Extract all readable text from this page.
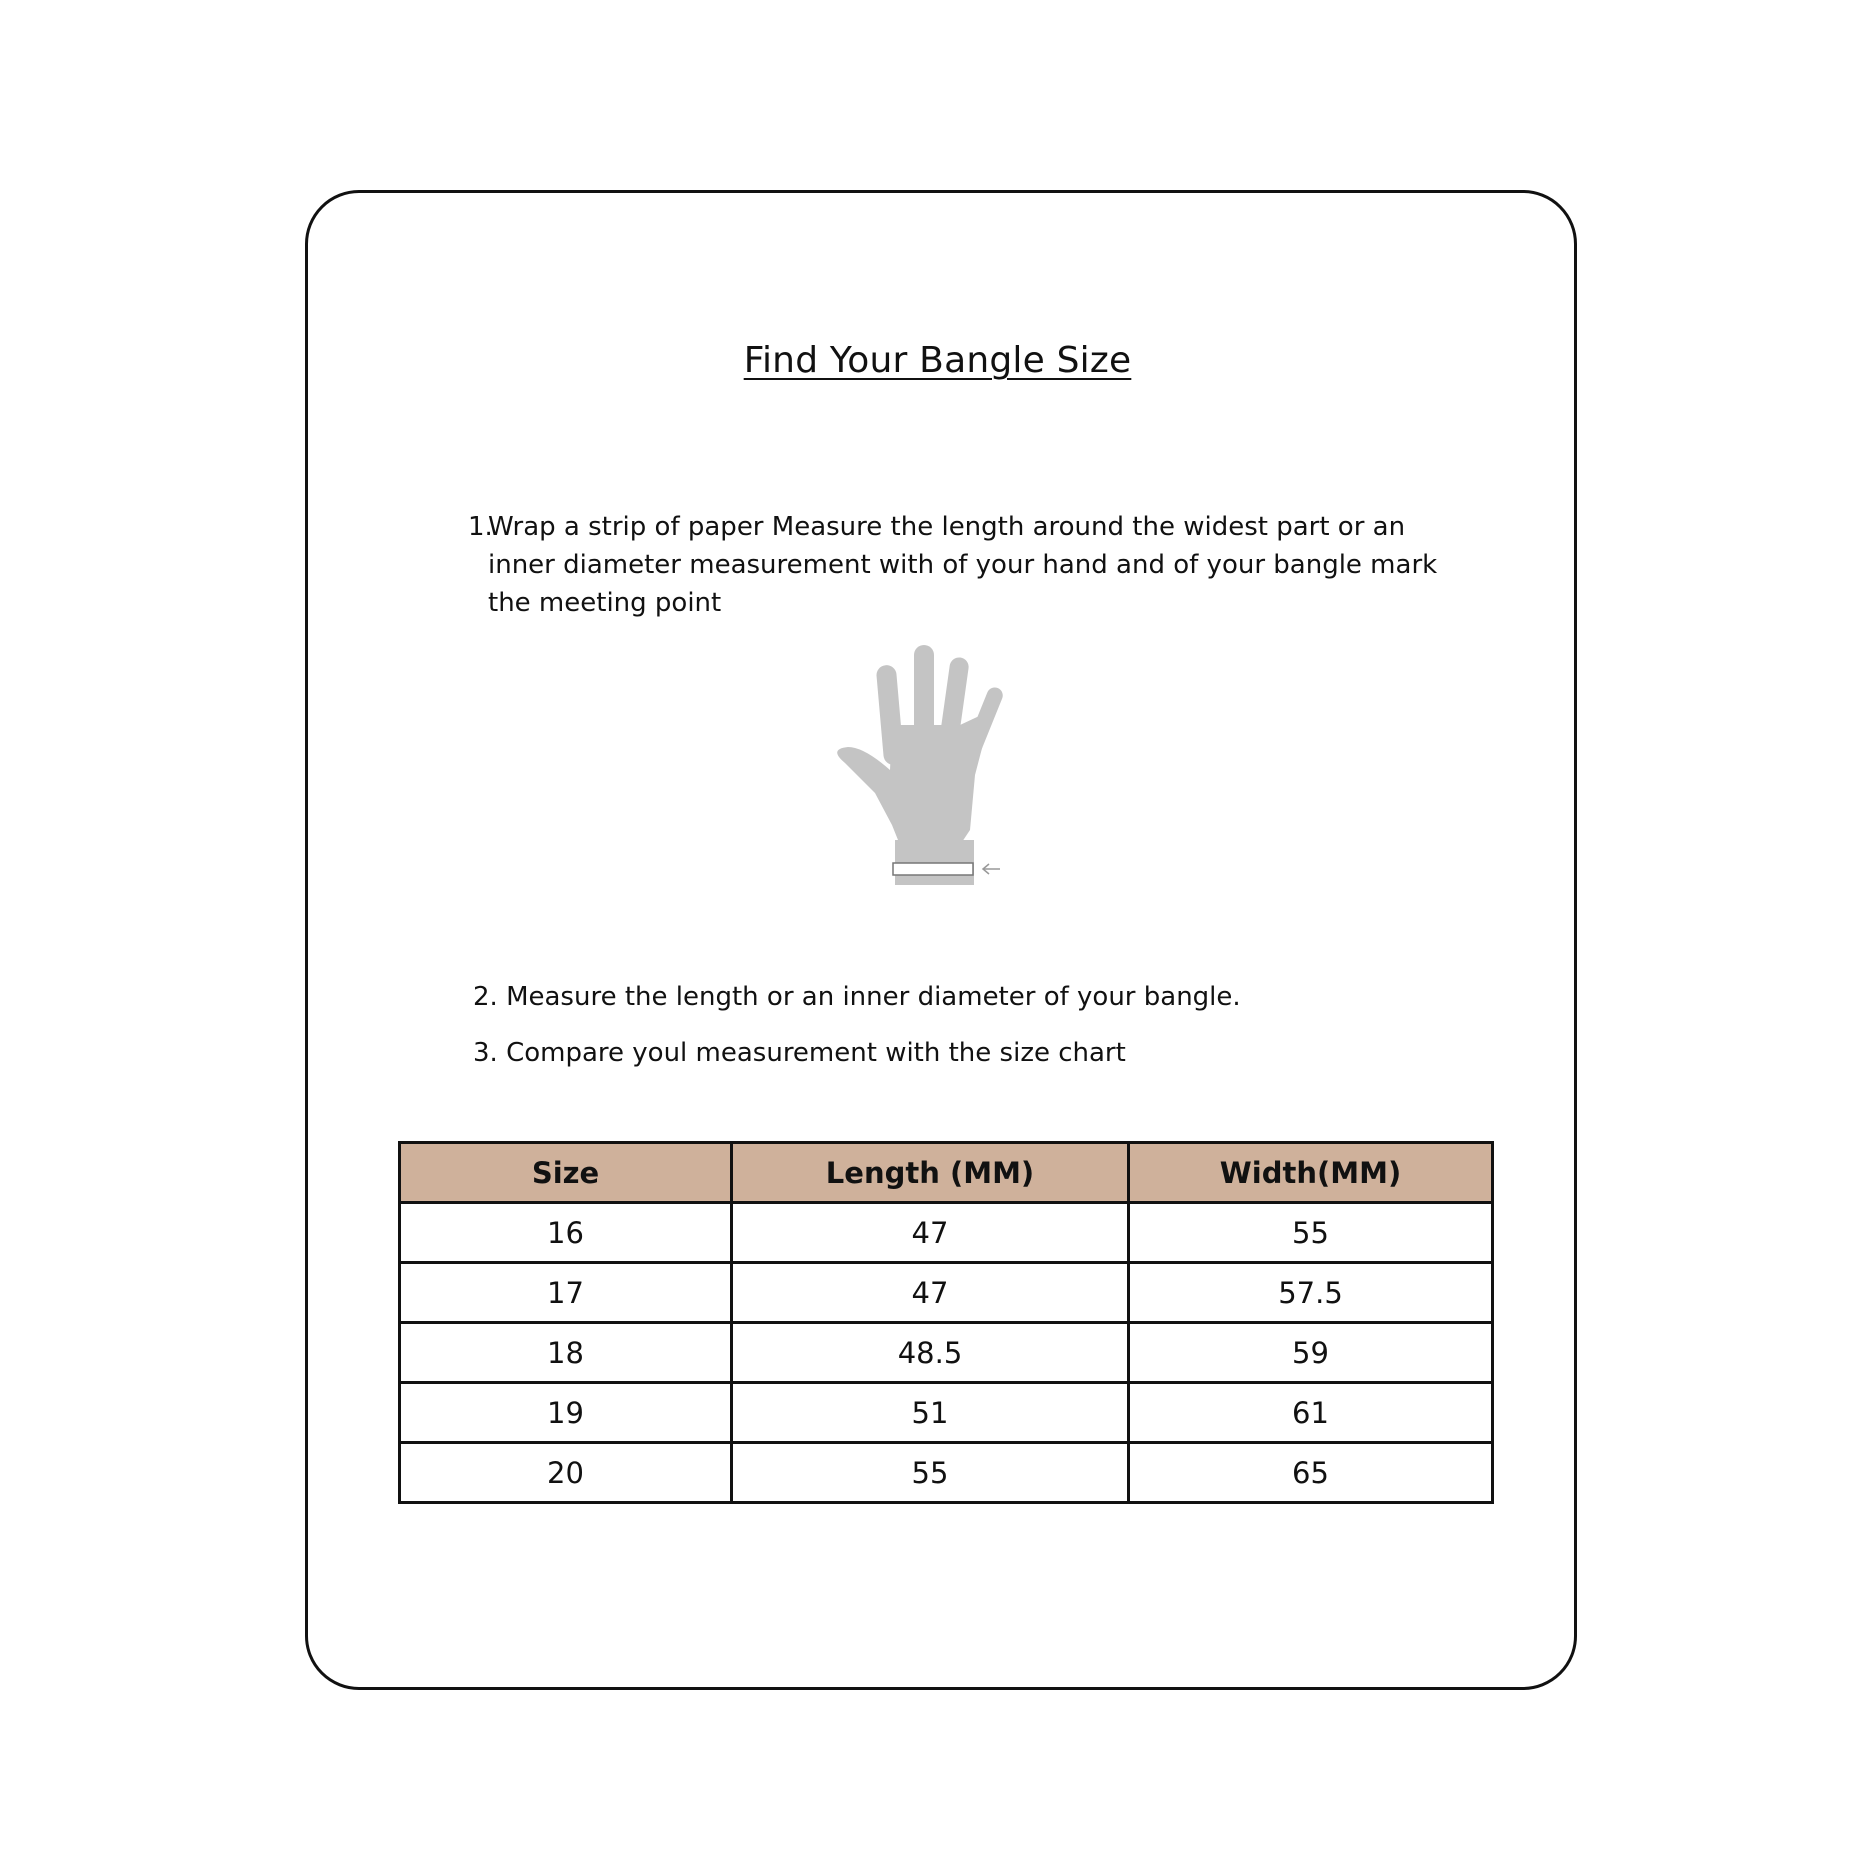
Find Your Bangle Size
1.
Wrap a strip of paper Measure the length around the widest part or an inner diameter measurement with of your hand and of your bangle mark the meeting point
2. Measure the length or an inner diameter of your bangle.
3. Compare youl measurement with the size chart
Size	Length (MM)	Width(MM)
16	47	55
17	47	57.5
18	48.5	59
19	51	61
20	55	65
